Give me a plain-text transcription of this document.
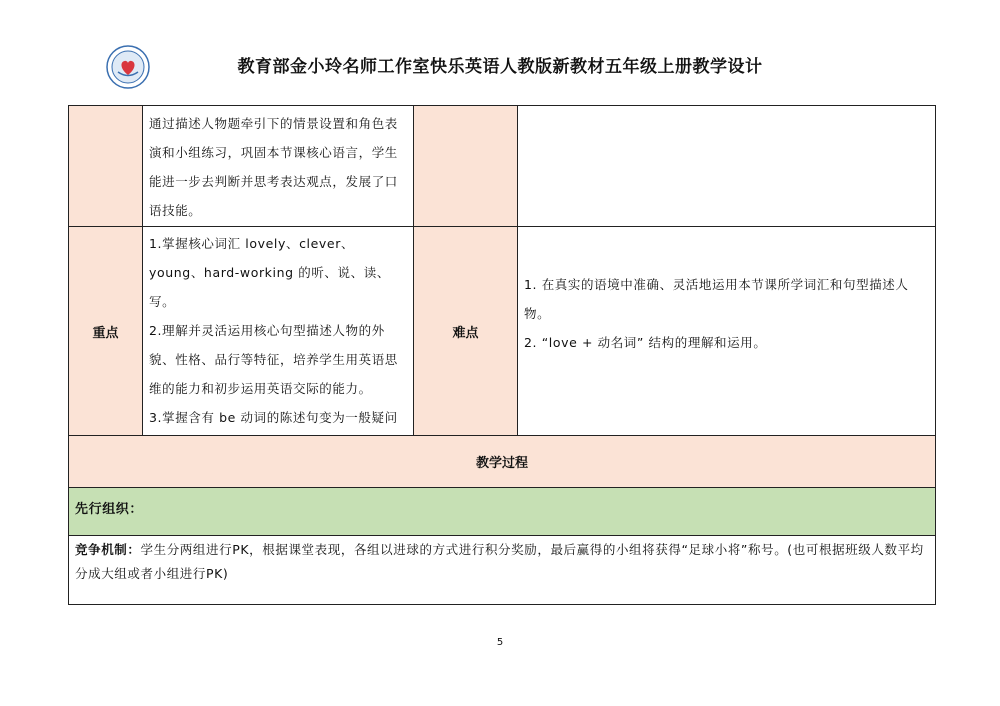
教育部金小玲名师工作室快乐英语人教版新教材五年级上册教学设计
通过描述人物题牵引下的情景设置和角色表演和小组练习，巩固本节课核心语言，学生能进一步去判断并思考表达观点，发展了口语技能。
重点
1.掌握核心词汇 lovely、clever、young、hard-working 的听、说、读、写。
2.理解并灵活运用核心句型描述人物的外貌、性格、品行等特征，培养学生用英语思维的能力和初步运用英语交际的能力。
3.掌握含有 be 动词的陈述句变为一般疑问
难点
1. 在真实的语境中准确、灵活地运用本节课所学词汇和句型描述人物。
2. “love + 动名词” 结构的理解和运用。
教学过程
先行组织：
竞争机制：学生分两组进行PK，根据课堂表现，各组以进球的方式进行积分奖励，最后赢得的小组将获得“足球小将”称号。(也可根据班级人数平均分成大组或者小组进行PK)
5
